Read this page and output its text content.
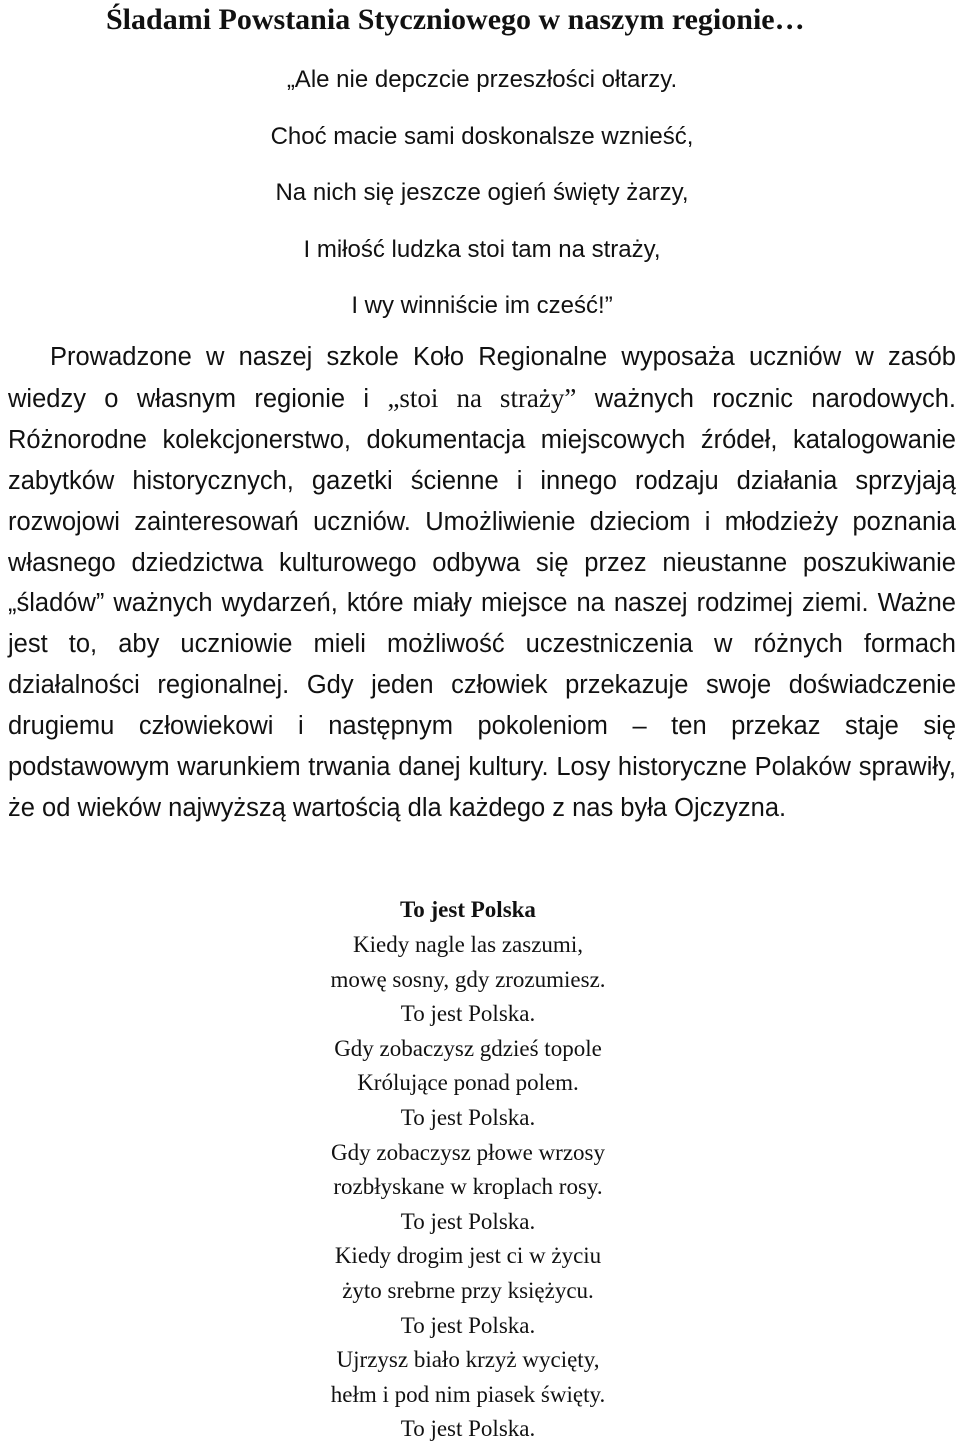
Śladami Powstania Styczniowego w naszym regionie…
„Ale nie depczcie przeszłości ołtarzy.
Choć macie sami doskonalsze wznieść,
Na nich się jeszcze ogień święty żarzy,
I miłość ludzka stoi tam na straży,
I wy winniście im cześć!”

Prowadzone w naszej szkole Koło Regionalne wyposaża uczniów w zasób wiedzy o własnym regionie i „stoi na straży” ważnych rocznic narodowych. Różnorodne kolekcjonerstwo, dokumentacja miejscowych źródeł, katalogowanie zabytków historycznych, gazetki ścienne i innego rodzaju działania sprzyjają rozwojowi zainteresowań uczniów. Umożliwienie dzieciom i młodzieży poznania własnego dziedzictwa kulturowego odbywa się przez nieustanne poszukiwanie „śladów” ważnych wydarzeń, które miały miejsce na naszej rodzimej ziemi. Ważne jest to, aby uczniowie mieli możliwość uczestniczenia w różnych formach działalności regionalnej. Gdy jeden człowiek przekazuje swoje doświadczenie drugiemu człowiekowi i następnym pokoleniom – ten przekaz staje się podstawowym warunkiem trwania danej kultury. Losy historyczne Polaków sprawiły, że od wieków najwyższą wartością dla każdego z nas była Ojczyzna.

To jest Polska

Kiedy nagle las zaszumi,
mowę sosny, gdy zrozumiesz.
To jest Polska.
Gdy zobaczysz gdzieś topole
Królujące ponad polem.
To jest Polska.
Gdy zobaczysz płowe wrzosy
rozbłyskane w kroplach rosy.
To jest Polska.
Kiedy drogim jest ci w życiu
żyto srebrne przy księżycu.
To jest Polska.
Ujrzysz biało krzyż wycięty,
hełm i pod nim piasek święty.
To jest Polska.
